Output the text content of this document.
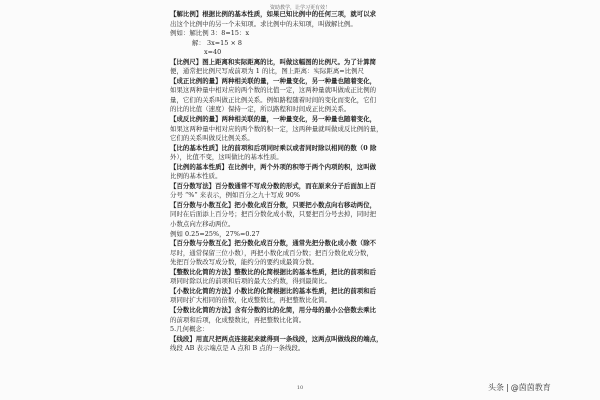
资助教学，让学习更有效！
【解比例】根据比例的基本性质，如果已知比例中的任何三项，就可以求
出这个比例中的另一个未知项。求比例中的未知项，叫做解比例。
例如：解比例 3：8=15：x
解： 3x=15 × 8
x=40
【比例尺】图上距离和实际距离的比，叫做这幅图的比例尺。为了计算简
便，通常把比例尺写成前项为 1 的比，图上距离：实际距离=比例尺
【成正比例的量】两种相关联的量，一种量变化，另一种量也随着变化，
如果这两种量中相对应的两个数的比值一定，这两种量就叫做成正比例的
量，它们的关系叫做正比例关系。例如路程随着时间的变化而变化，它们
的比的比值（速度）保持一定，所以路程和时间成正比例关系。
【成反比例的量】两种相关联的量，一种量变化，另一种量也随着变化，
如果这两种量中相对应的两个数的积一定，这两种量就叫做成反比例的量，
它们的关系叫做反比例关系。
【比的基本性质】比的前项和后项同时乘以或者同时除以相同的数（0 除
外），比值不变，这叫做比的基本性质。
【比例的基本性质】在比例中，两个外项的积等于两个内项的积，这叫做
比例的基本性质。
【百分数写法】百分数通常不写成分数的形式，而在原来分子后面加上百
分号 “%” 来表示，例如百分之九十写成 90%
【百分数与小数互化】把小数化成百分数，只要把小数点向右移动两位，
同时在后面添上百分号；把百分数化成小数，只要把百分号去掉，同时把
小数点向左移动两位。
例如 0.25=25%，27%=0.27
【百分数与分数互化】把分数化成百分数，通常先把分数化成小数（除不
尽时，通常保留三位小数），再把小数化成百分数；把百分数化成分数，
先把百分数改写成分数，能约分的要约成最简分数。
【整数比化简的方法】整数比的化简根据比的基本性质，把比的前项和后
项同时除以比的前项和后项的最大公约数，得到最简比。
【小数比化简的方法】小数比的化简根据比的基本性质，把比的前项和后
项同时扩大相同的倍数，化成整数比，再把整数比化简。
【分数比化简的方法】含有分数的比的化简，用分母的最小公倍数去乘比
的前项和后项，化成整数比，再把整数比化简。
5.几何概念：
【线段】用直尺把两点连接起来就得到一条线段，这两点叫做线段的端点，
线段 AB 表示端点是 A 点和 B 点的一条线段。
10	头条 | @茵茵教育
